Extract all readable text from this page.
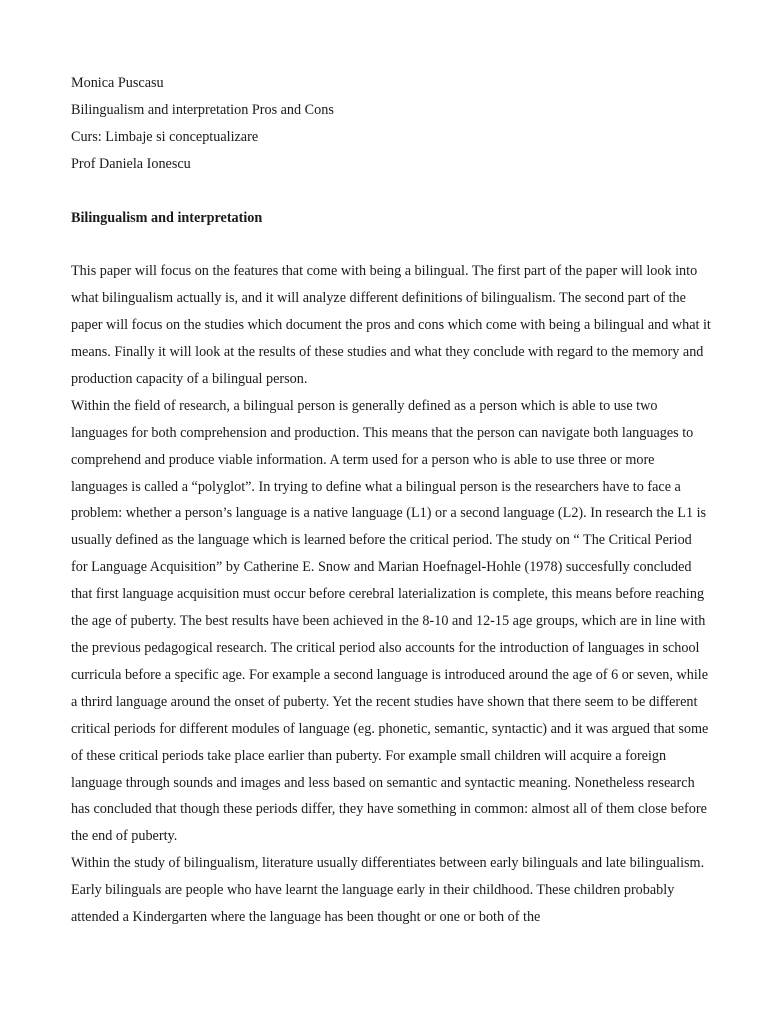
Monica Puscasu
Bilingualism and interpretation Pros and Cons
Curs: Limbaje si conceptualizare
Prof Daniela Ionescu
Bilingualism and interpretation

This paper will focus on the features that come with being a bilingual. The first part of the paper will look into what bilingualism actually is, and it will analyze different definitions of bilingualism. The second part of the paper will focus on the studies which document the pros and cons which come with being a bilingual and what it means. Finally it will look at the results of these studies and what they conclude with regard to the memory and production capacity of a bilingual person.

Within the field of research, a bilingual person is generally defined as a person which is able to use two languages for both comprehension and production. This means that the person can navigate both languages to comprehend and produce viable information. A term used for a person who is able to use three or more languages is called a “polyglot”. In trying to define what a bilingual person is the researchers have to face a problem: whether a person’s language is a native language (L1) or a second language (L2). In research the L1 is usually defined as the language which is learned before the critical period. The study on “ The Critical Period for Language Acquisition” by Catherine E. Snow and Marian Hoefnagel-Hohle (1978) succesfully concluded that first language acquisition must occur before cerebral laterialization is complete, this means before reaching the age of puberty. The best results have been achieved in the 8-10 and 12-15 age groups, which are in line with the previous pedagogical research. The critical period also accounts for the introduction of languages in school curricula before a specific age. For example a second language is introduced around the age of 6 or seven, while a thrird language around the onset of puberty. Yet the recent studies have shown that there seem to be different critical periods for different modules of language (eg. phonetic, semantic, syntactic) and it was argued that some of these critical periods take place earlier than puberty. For example small children will acquire a foreign language through sounds and images and less based on semantic and syntactic meaning. Nonetheless research has concluded that though these periods differ, they have something in common: almost all of them close before the end of puberty.

Within the study of bilingualism, literature usually differentiates between early bilinguals and late bilingualism. Early bilinguals are people who have learnt the language early in their childhood. These children probably attended a Kindergarten where the language has been thought or one or both of the
